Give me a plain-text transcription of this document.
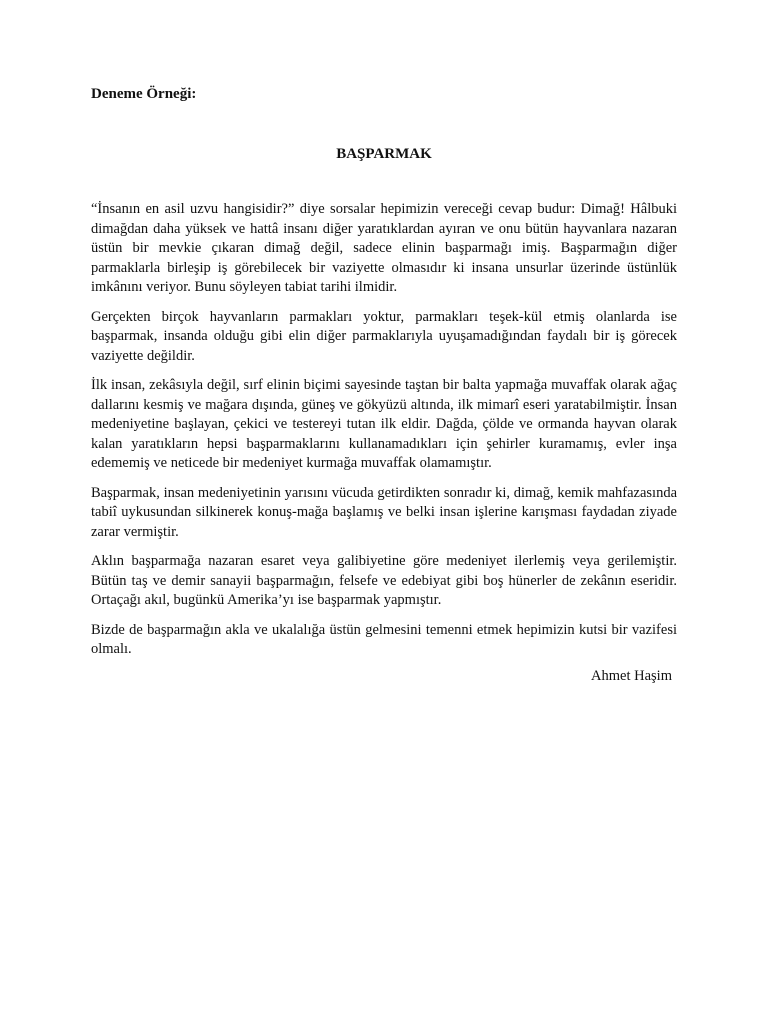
Deneme Örneği:

BAŞPARMAK

“İnsanın en asil uzvu hangisidir?” diye sorsalar hepimizin vereceği cevap budur: Dimağ! Hâlbuki dimağdan daha yüksek ve hattâ insanı diğer yaratıklardan ayıran ve onu bütün hayvanlara nazaran üstün bir mevkie çıkaran dimağ değil, sadece elinin başparmağı imiş. Başparmağın diğer parmaklarla birleşip iş görebilecek bir vaziyette olmasıdır ki insana unsurlar üzerinde üstünlük imkânını veriyor. Bunu söyleyen tabiat tarihi ilmidir.

Gerçekten birçok hayvanların parmakları yoktur, parmakları teşek-kül etmiş olanlarda ise başparmak, insanda olduğu gibi elin diğer parmaklarıyla uyuşamadığından faydalı bir iş görecek vaziyette değildir.

İlk insan, zekâsıyla değil, sırf elinin biçimi sayesinde taştan bir balta yapmağa muvaffak olarak ağaç dallarını kesmiş ve mağara dışında, güneş ve gökyüzü altında, ilk mimarî eseri yaratabilmiştir. İnsan medeniyetine başlayan, çekici ve testereyi tutan ilk eldir. Dağda, çölde ve ormanda hayvan olarak kalan yaratıkların hepsi başparmaklarını kullanamadıkları için şehirler kuramamış, evler inşa edememiş ve neticede bir medeniyet kurmağa muvaffak olamamıştır.

Başparmak, insan medeniyetinin yarısını vücuda getirdikten sonradır ki, dimağ, kemik mahfazasında tabiî uykusundan silkinerek konuş-mağa başlamış ve belki insan işlerine karışması faydadan ziyade zarar vermiştir.

Aklın başparmağa nazaran esaret veya galibiyetine göre medeniyet ilerlemiş veya gerilemiştir. Bütün taş ve demir sanayii başparmağın, felsefe ve edebiyat gibi boş hünerler de zekânın eseridir. Ortaçağı akıl, bugünkü Amerika’yı ise başparmak yapmıştır.

Bizde de başparmağın akla ve ukalalığa üstün gelmesini temenni etmek hepimizin kutsi bir vazifesi olmalı.

Ahmet Haşim
